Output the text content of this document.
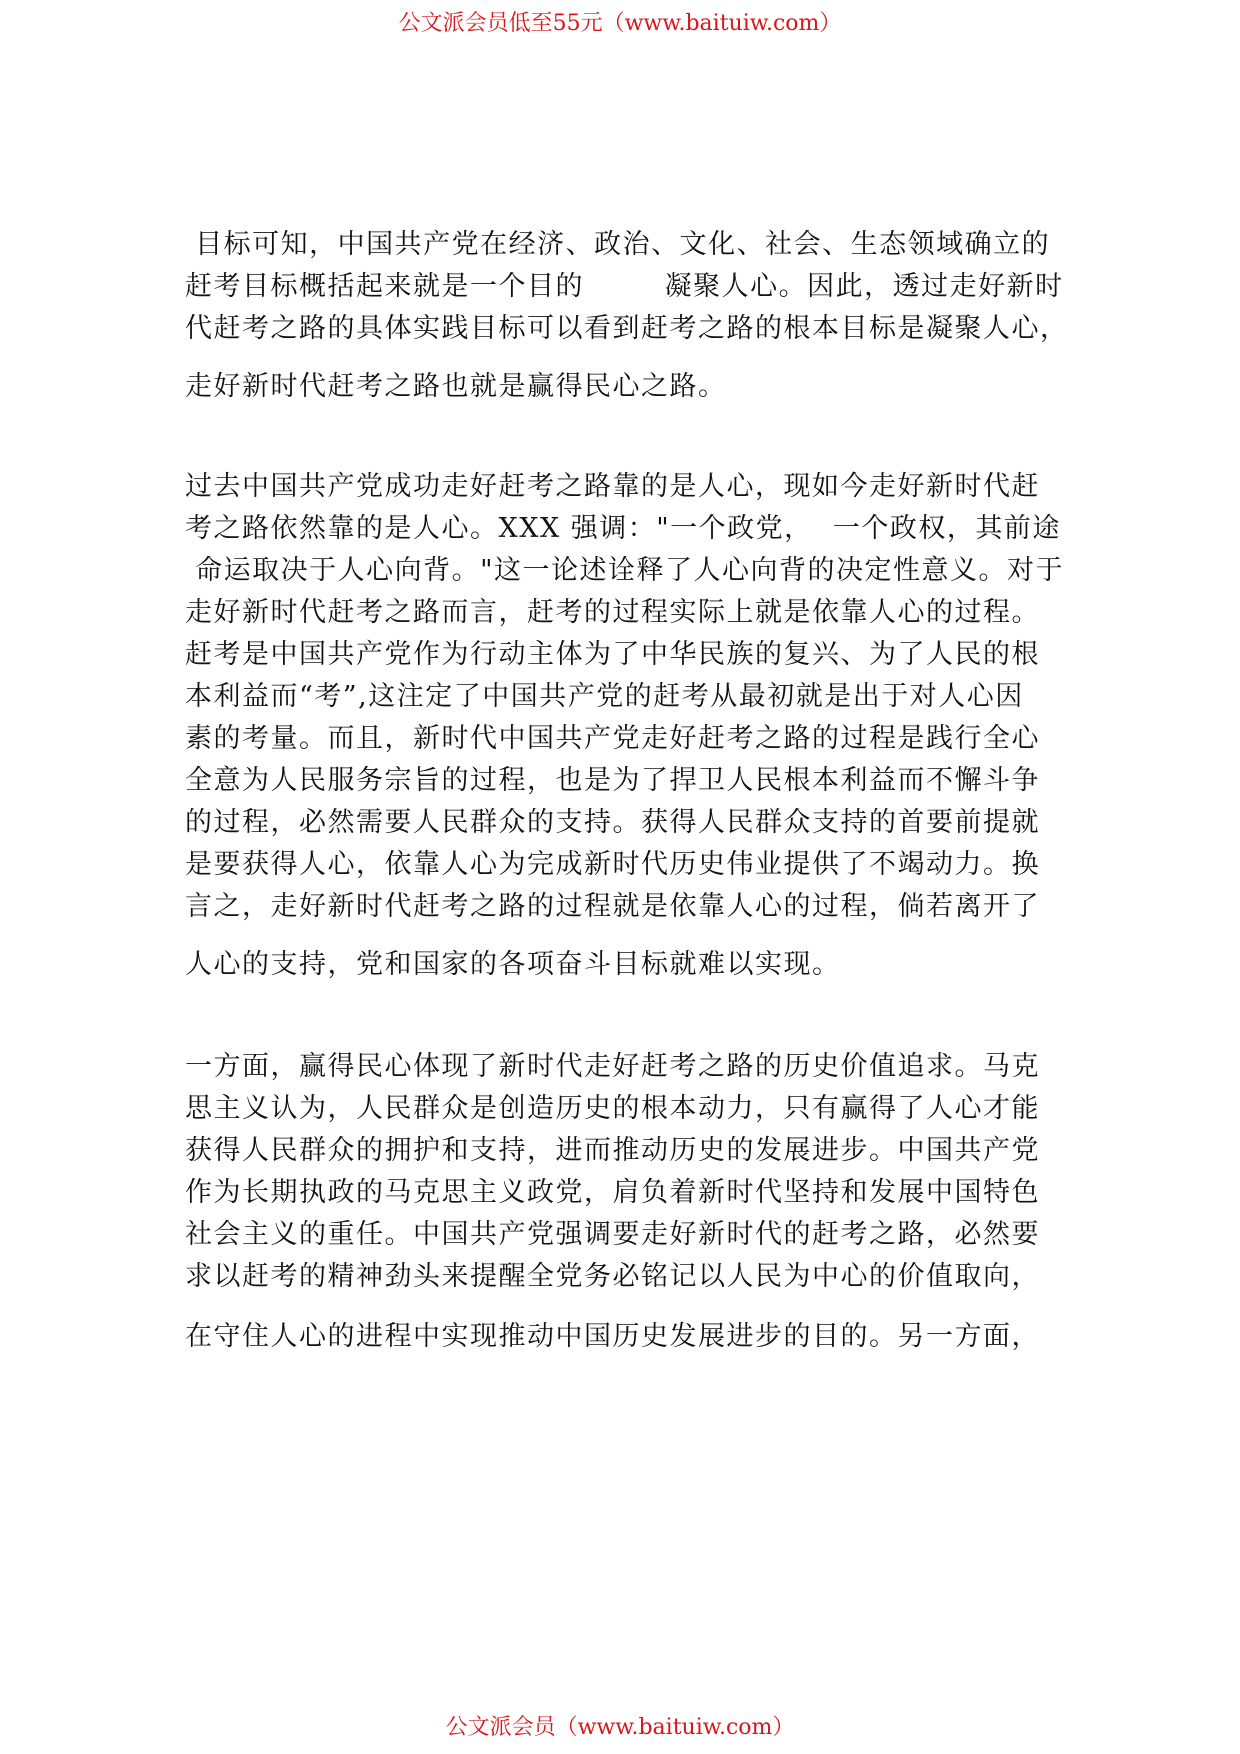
公文派会员低至55元（www.baituiw.com）
目标可知，中国共产党在经济、政治、文化、社会、生态领域确立的
赶考目标概括起来就是一个目的        凝聚人心。因此，透过走好新时
代赶考之路的具体实践目标可以看到赶考之路的根本目标是凝聚人心，
走好新时代赶考之路也就是赢得民心之路。
过去中国共产党成功走好赶考之路靠的是人心，现如今走好新时代赶
考之路依然靠的是人心。XXX 强调："一个政党，  一个政权，其前途
命运取决于人心向背。"这一论述诠释了人心向背的决定性意义。对于
走好新时代赶考之路而言，赶考的过程实际上就是依靠人心的过程。
赶考是中国共产党作为行动主体为了中华民族的复兴、为了人民的根
本利益而“考”,这注定了中国共产党的赶考从最初就是出于对人心因
素的考量。而且，新时代中国共产党走好赶考之路的过程是践行全心
全意为人民服务宗旨的过程，也是为了捍卫人民根本利益而不懈斗争
的过程，必然需要人民群众的支持。获得人民群众支持的首要前提就
是要获得人心，依靠人心为完成新时代历史伟业提供了不竭动力。换
言之，走好新时代赶考之路的过程就是依靠人心的过程，倘若离开了
人心的支持，党和国家的各项奋斗目标就难以实现。
一方面，赢得民心体现了新时代走好赶考之路的历史价值追求。马克
思主义认为，人民群众是创造历史的根本动力，只有赢得了人心才能
获得人民群众的拥护和支持，进而推动历史的发展进步。中国共产党
作为长期执政的马克思主义政党，肩负着新时代坚持和发展中国特色
社会主义的重任。中国共产党强调要走好新时代的赶考之路，必然要
求以赶考的精神劲头来提醒全党务必铭记以人民为中心的价值取向，
在守住人心的进程中实现推动中国历史发展进步的目的。另一方面，
公文派会员（www.baituiw.com）
